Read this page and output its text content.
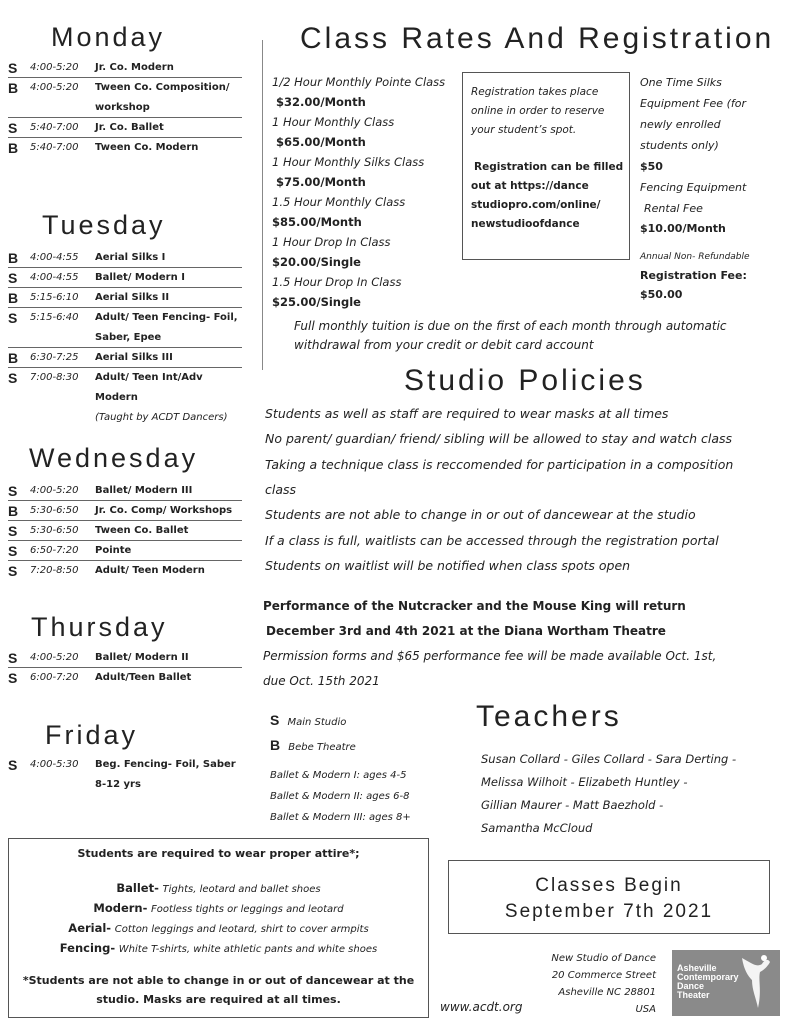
Monday
S 4:00-5:20 Jr. Co. Modern
B 4:00-5:20 Tween Co. Composition/
workshop
S 5:40-7:00 Jr. Co. Ballet
B 5:40-7:00 Tween Co. Modern
Tuesday
B 4:00-4:55 Aerial Silks I
S 4:00-4:55 Ballet/ Modern I
B 5:15-6:10 Aerial Silks II
S 5:15-6:40 Adult/ Teen Fencing- Foil,
Saber, Epee
B 6:30-7:25 Aerial Silks III
S 7:00-8:30 Adult/ Teen Int/Adv
Modern
(Taught by ACDT Dancers)
Wednesday
S 4:00-5:20 Ballet/ Modern III
B 5:30-6:50 Jr. Co. Comp/ Workshops
S 5:30-6:50 Tween Co. Ballet
S 6:50-7:20 Pointe
S 7:20-8:50 Adult/ Teen Modern
Thursday
S 4:00-5:20 Ballet/ Modern II
S 6:00-7:20 Adult/Teen Ballet
Friday
S 4:00-5:30 Beg. Fencing- Foil, Saber
8-12 yrs
Class Rates And Registration
1/2 Hour Monthly Pointe Class
$32.00/Month
1 Hour Monthly Class
$65.00/Month
1 Hour Monthly Silks Class
$75.00/Month
1.5 Hour Monthly Class
$85.00/Month
1 Hour Drop In Class
$20.00/Single
1.5 Hour Drop In Class
$25.00/Single
Registration takes place
online in order to reserve
your student’s spot.
Registration can be filled
out at https://dance
studiopro.com/online/
newstudioofdance
One Time Silks
Equipment Fee (for
newly enrolled
students only)
$50
Fencing Equipment
Rental Fee
$10.00/Month
Annual Non- Refundable
Registration Fee:
$50.00
Full monthly tuition is due on the first of each month through automatic
withdrawal from your credit or debit card account
Studio Policies
Students as well as staff are required to wear masks at all times
No parent/ guardian/ friend/ sibling will be allowed to stay and watch class
Taking a technique class is reccomended for participation in a composition
class
Students are not able to change in or out of dancewear at the studio
If a class is full, waitlists can be accessed through the registration portal
Students on waitlist will be notified when class spots open
Performance of the Nutcracker and the Mouse King will return
December 3rd and 4th 2021 at the Diana Wortham Theatre
Permission forms and $65 performance fee will be made available Oct. 1st,
due Oct. 15th 2021
S Main Studio
B Bebe Theatre
Ballet & Modern I: ages 4-5
Ballet & Modern II: ages 6-8
Ballet & Modern III: ages 8+
Teachers
Susan Collard - Giles Collard - Sara Derting -
Melissa Wilhoit - Elizabeth Huntley -
Gillian Maurer - Matt Baezhold -
Samantha McCloud
Students are required to wear proper attire*;
Ballet- Tights, leotard and ballet shoes
Modern- Footless tights or leggings and leotard
Aerial- Cotton leggings and leotard, shirt to cover armpits
Fencing- White T-shirts, white athletic pants and white shoes
*Students are not able to change in or out of dancewear at the
studio. Masks are required at all times.
Classes Begin
September 7th 2021
www.acdt.org
New Studio of Dance
20 Commerce Street
Asheville NC 28801
USA
Asheville
Contemporary
Dance
Theater
